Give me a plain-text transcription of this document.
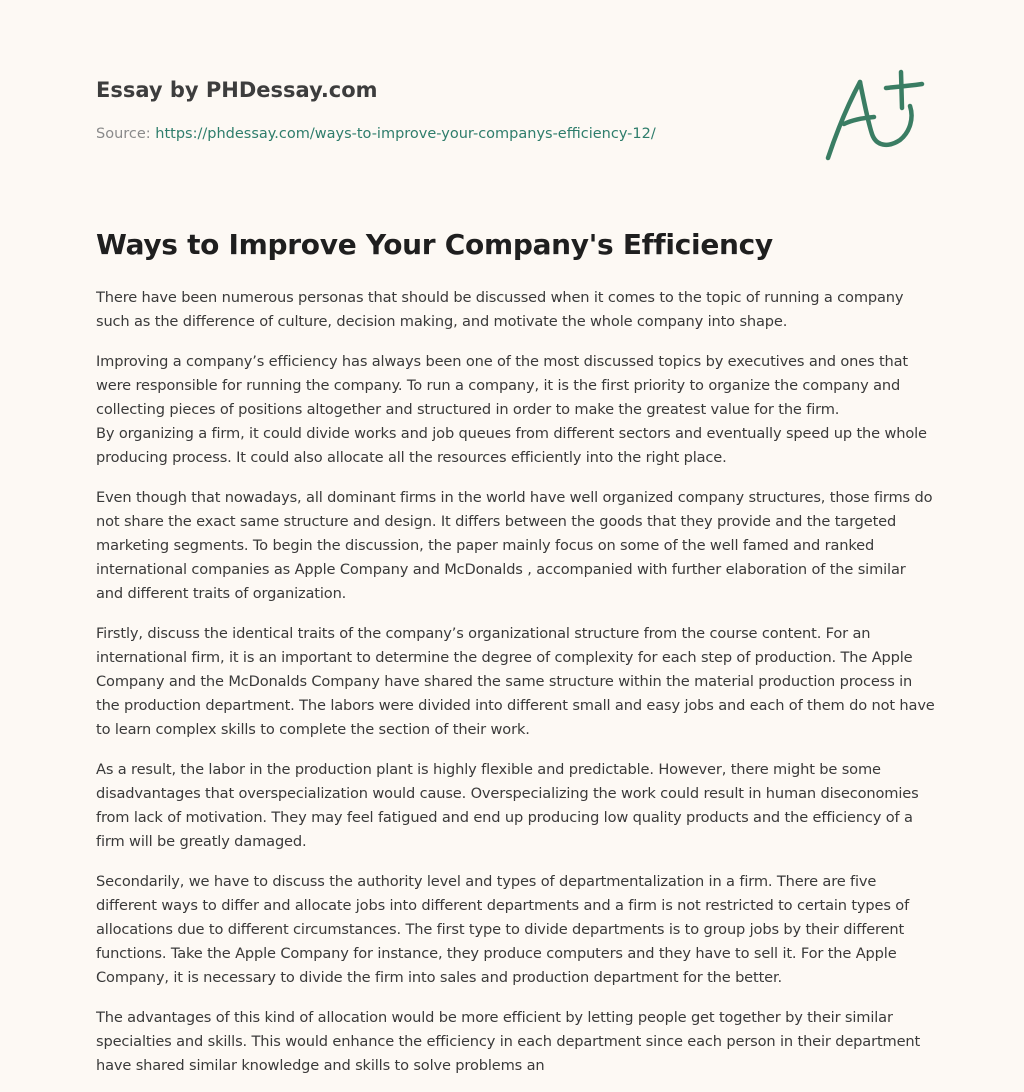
Essay by PHDessay.com
Source: https://phdessay.com/ways-to-improve-your-companys-efficiency-12/
Ways to Improve Your Company's Efficiency

There have been numerous personas that should be discussed when it comes to the topic of running a company such as the difference of culture, decision making, and motivate the whole company into shape.

Improving a company’s efficiency has always been one of the most discussed topics by executives and ones that were responsible for running the company. To run a company, it is the first priority to organize the company and collecting pieces of positions altogether and structured in order to make the greatest value for the firm.

By organizing a firm, it could divide works and job queues from different sectors and eventually speed up the whole producing process. It could also allocate all the resources efficiently into the right place.

Even though that nowadays, all dominant firms in the world have well organized company structures, those firms do not share the exact same structure and design. It differs between the goods that they provide and the targeted marketing segments. To begin the discussion, the paper mainly focus on some of the well famed and ranked international companies as Apple Company and McDonalds , accompanied with further elaboration of the similar and different traits of organization.

Firstly, discuss the identical traits of the company’s organizational structure from the course content. For an international firm, it is an important to determine the degree of complexity for each step of production. The Apple Company and the McDonalds Company have shared the same structure within the material production process in the production department. The labors were divided into different small and easy jobs and each of them do not have to learn complex skills to complete the section of their work.

As a result, the labor in the production plant is highly flexible and predictable. However, there might be some disadvantages that overspecialization would cause. Overspecializing the work could result in human diseconomies from lack of motivation. They may feel fatigued and end up producing low quality products and the efficiency of a firm will be greatly damaged.

Secondarily, we have to discuss the authority level and types of departmentalization in a firm. There are five different ways to differ and allocate jobs into different departments and a firm is not restricted to certain types of allocations due to different circumstances. The first type to divide departments is to group jobs by their different functions. Take the Apple Company for instance, they produce computers and they have to sell it. For the Apple Company, it is necessary to divide the firm into sales and production department for the better.

The advantages of this kind of allocation would be more efficient by letting people get together by their similar specialties and skills. This would enhance the efficiency in each department since each person in their department have shared similar knowledge and skills to solve problems an
